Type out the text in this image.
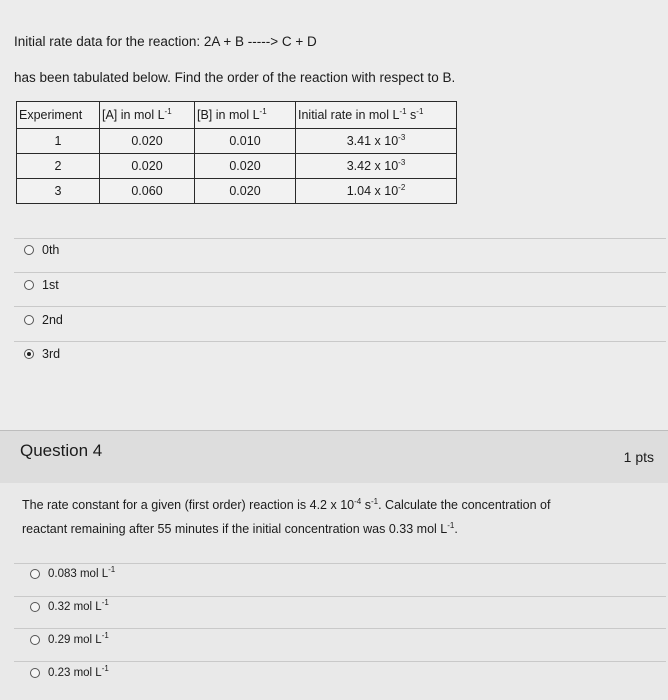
Initial rate data for the reaction: 2A + B -----> C + D
has been tabulated below. Find the order of the reaction with respect to B.
Experiment	[A] in mol $L^{-1}$	[B] in mol $L^{-1}$	Initial rate in mol $L^{-1}$ $s^{-1}$
1	0.020	0.010	3.41 x $10^{-3}$
2	0.020	0.020	3.42 x $10^{-3}$
3	0.060	0.020	1.04 x $10^{-2}$
0th
1st
2nd
3rd
Question 4	1 pts
The rate constant for a given (first order) reaction is 4.2 x $10^{-4}$ $s^{-1}$. Calculate the concentration of
reactant remaining after 55 minutes if the initial concentration was 0.33 mol $L^{-1}$.
0.083 mol $L^{-1}$
0.32 mol $L^{-1}$
0.29 mol $L^{-1}$
0.23 mol $L^{-1}$
